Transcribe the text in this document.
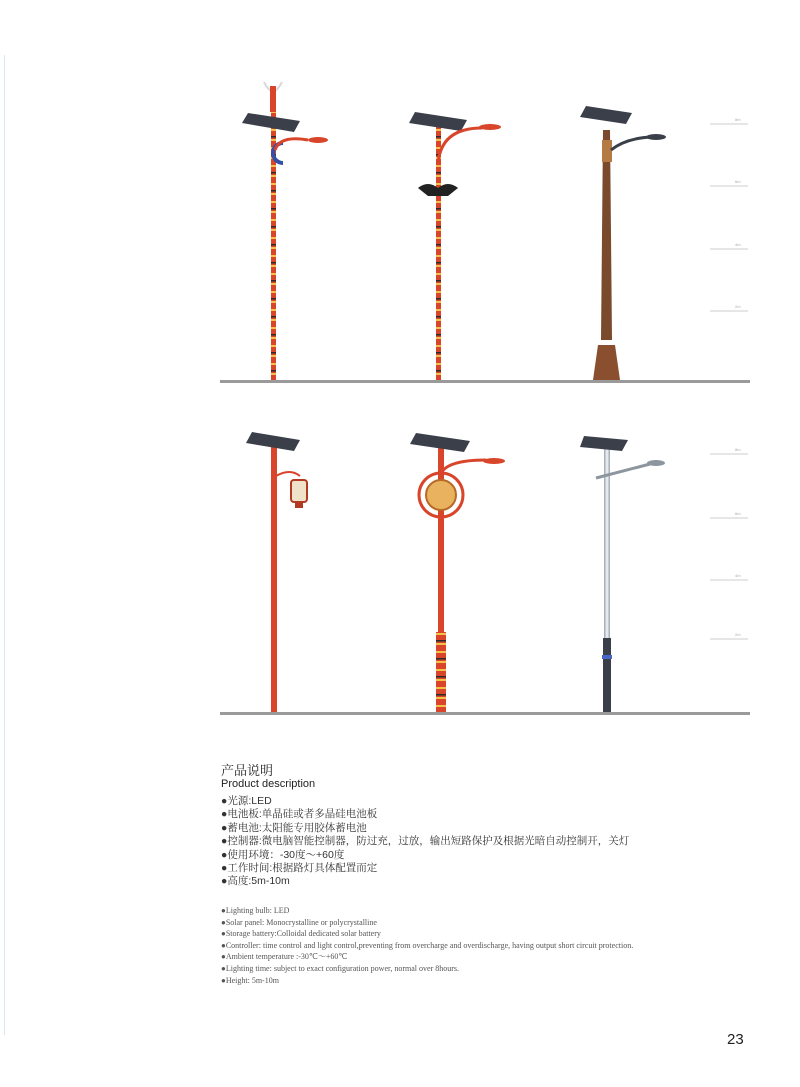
8m
6m
4m
2m
8m
6m
4m
2m
产品说明
Product description
●光源:LED
●电池板:单晶硅或者多晶硅电池板
●蓄电池:太阳能专用胶体蓄电池
●控制器:微电脑智能控制器，防过充，过放，输出短路保护及根据光暗自动控制开，关灯
●使用环境：-30度～+60度
●工作时间:根据路灯具体配置而定
●高度:5m-10m
●Lighting bulb: LED
●Solar panel: Monocrystalline or polycrystalline
●Storage battery:Colloidal dedicated solar battery
●Controller: time control and light control,preventing from overcharge and overdischarge, having output short circuit protection.
●Ambient temperature :-30℃～+60℃
●Lighting time: subject to exact configuration power, normal over 8hours.
●Height: 5m-10m
23
